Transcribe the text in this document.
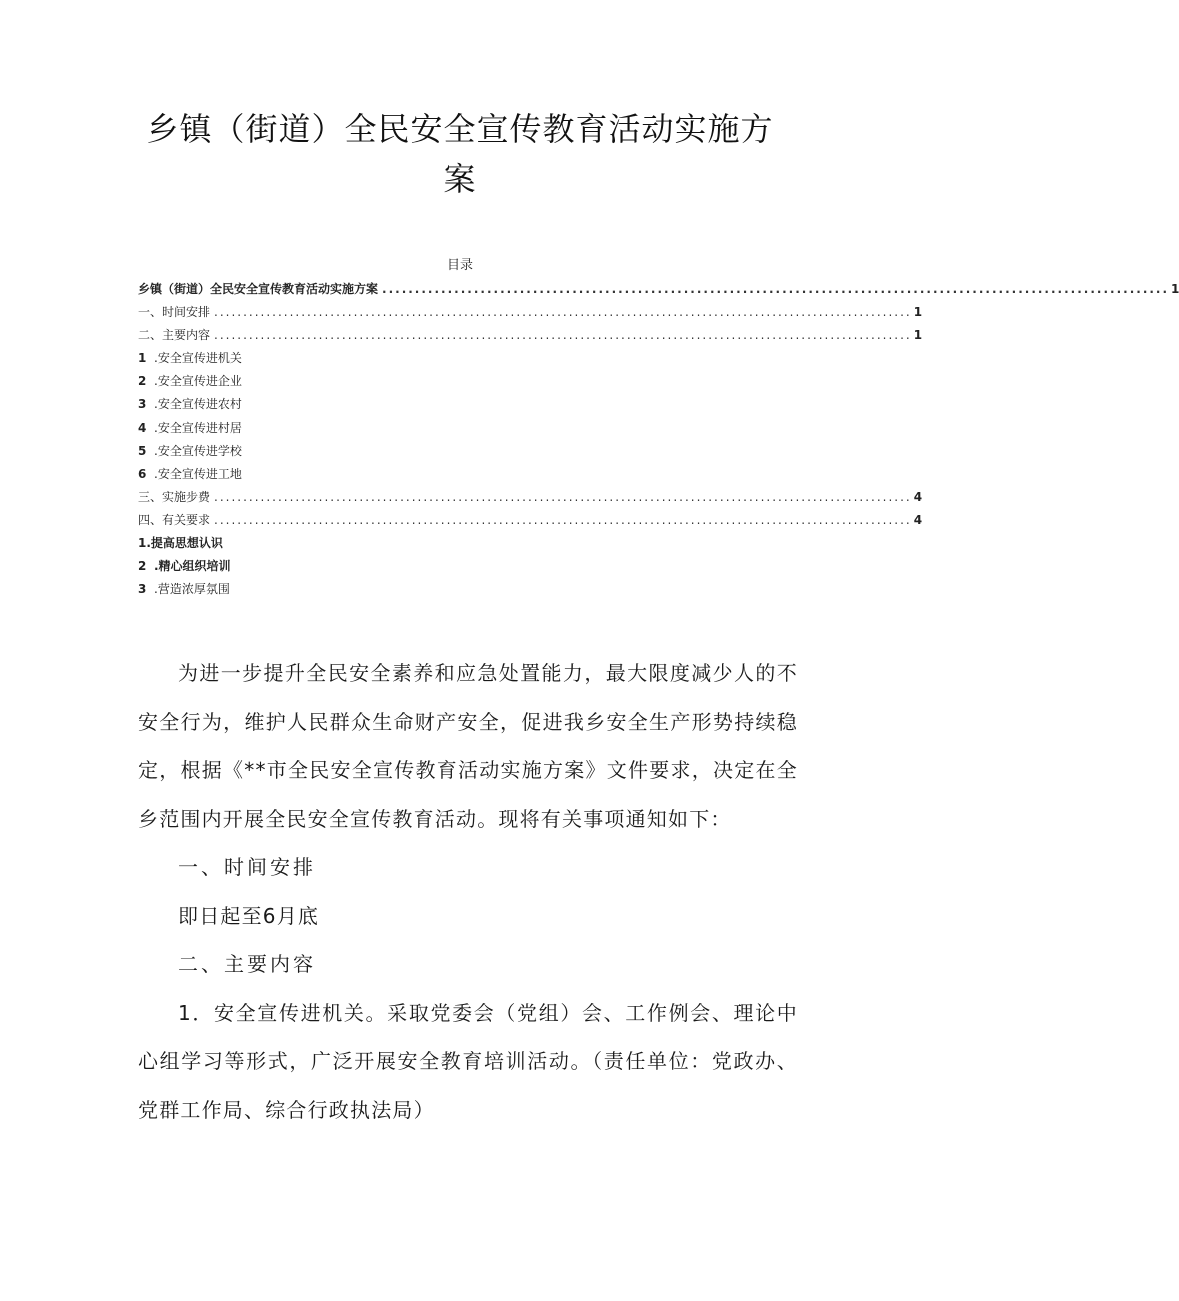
乡镇（街道）全民安全宣传教育活动实施方
案
目录
乡镇（街道）全民安全宣传教育活动实施方案 ........................................................................................................................ 1
一、时间安排 ........................................................................................................................ 1
二、主要内容 ........................................................................................................................ 1
1 .安全宣传进机关
2 .安全宣传进企业
3 .安全宣传进农村
4 .安全宣传进村居
5 .安全宣传进学校
6 .安全宣传进工地
三、实施步费 ........................................................................................................................ 4
四、有关要求 ........................................................................................................................ 4
1.提高思想认识
2 .精心组织培训
3 .营造浓厚氛围

为进一步提升全民安全素养和应急处置能力，最大限度减少人的不安全行为，维护人民群众生命财产安全，促进我乡安全生产形势持续稳定，根据《**市全民安全宣传教育活动实施方案》文件要求，决定在全乡范围内开展全民安全宣传教育活动。现将有关事项通知如下：

一、时间安排

即日起至6月底

二、主要内容

1．安全宣传进机关。采取党委会（党组）会、工作例会、理论中心组学习等形式，广泛开展安全教育培训活动。（责任单位：党政办、党群工作局、综合行政执法局）
